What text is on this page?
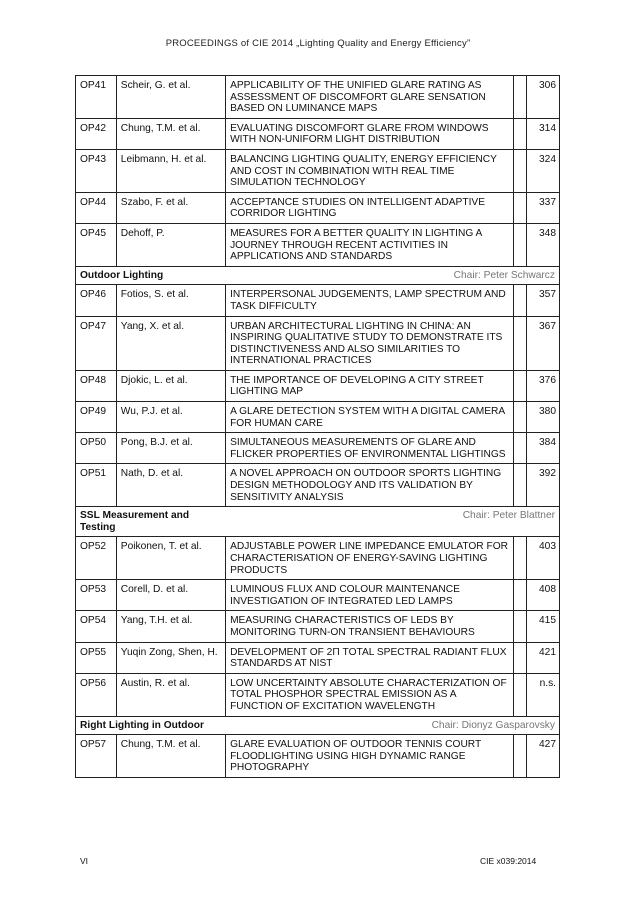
PROCEEDINGS of CIE 2014 „Lighting Quality and Energy Efficiency”
OP41	Scheir, G. et al.	APPLICABILITY OF THE UNIFIED GLARE RATING AS ASSESSMENT OF DISCOMFORT GLARE SENSATION BASED ON LUMINANCE MAPS		306
OP42	Chung, T.M. et al.	EVALUATING DISCOMFORT GLARE FROM WINDOWS WITH NON-UNIFORM LIGHT DISTRIBUTION		314
OP43	Leibmann, H. et al.	BALANCING LIGHTING QUALITY, ENERGY EFFICIENCY AND COST IN COMBINATION WITH REAL TIME SIMULATION TECHNOLOGY		324
OP44	Szabo, F. et al.	ACCEPTANCE STUDIES ON INTELLIGENT ADAPTIVE CORRIDOR LIGHTING		337
OP45	Dehoff, P.	MEASURES FOR A BETTER QUALITY IN LIGHTING A JOURNEY THROUGH RECENT ACTIVITIES IN APPLICATIONS AND STANDARDS		348
Outdoor Lighting		Chair: Peter Schwarcz		
OP46	Fotios, S. et al.	INTERPERSONAL JUDGEMENTS, LAMP SPECTRUM AND TASK DIFFICULTY		357
OP47	Yang, X. et al.	URBAN ARCHITECTURAL LIGHTING IN CHINA: AN INSPIRING QUALITATIVE STUDY TO DEMONSTRATE ITS DISTINCTIVENESS AND ALSO SIMILARITIES TO INTERNATIONAL PRACTICES		367
OP48	Djokic, L. et al.	THE IMPORTANCE OF DEVELOPING A CITY STREET LIGHTING MAP		376
OP49	Wu, P.J. et al.	A GLARE DETECTION SYSTEM WITH A DIGITAL CAMERA FOR HUMAN CARE		380
OP50	Pong, B.J. et al.	SIMULTANEOUS MEASUREMENTS OF GLARE AND FLICKER PROPERTIES OF ENVIRONMENTAL LIGHTINGS		384
OP51	Nath, D. et al.	A NOVEL APPROACH ON OUTDOOR SPORTS LIGHTING DESIGN METHODOLOGY AND ITS VALIDATION BY SENSITIVITY ANALYSIS		392
SSL Measurement and Testing		Chair: Peter Blattner		
OP52	Poikonen, T. et al.	ADJUSTABLE POWER LINE IMPEDANCE EMULATOR FOR CHARACTERISATION OF ENERGY-SAVING LIGHTING PRODUCTS		403
OP53	Corell, D. et al.	LUMINOUS FLUX AND COLOUR MAINTENANCE INVESTIGATION OF INTEGRATED LED LAMPS		408
OP54	Yang, T.H. et al.	MEASURING CHARACTERISTICS OF LEDS BY MONITORING TURN-ON TRANSIENT BEHAVIOURS		415
OP55	Yuqin Zong, Shen, H.	DEVELOPMENT OF 2Π TOTAL SPECTRAL RADIANT FLUX STANDARDS AT NIST		421
OP56	Austin, R. et al.	LOW UNCERTAINTY ABSOLUTE CHARACTERIZATION OF TOTAL PHOSPHOR SPECTRAL EMISSION AS A FUNCTION OF EXCITATION WAVELENGTH		n.s.
Right Lighting in Outdoor		Chair: Dionyz Gasparovsky		
OP57	Chung, T.M. et al.	GLARE EVALUATION OF OUTDOOR TENNIS COURT FLOODLIGHTING USING HIGH DYNAMIC RANGE PHOTOGRAPHY		427
VI	CIE x039:2014
